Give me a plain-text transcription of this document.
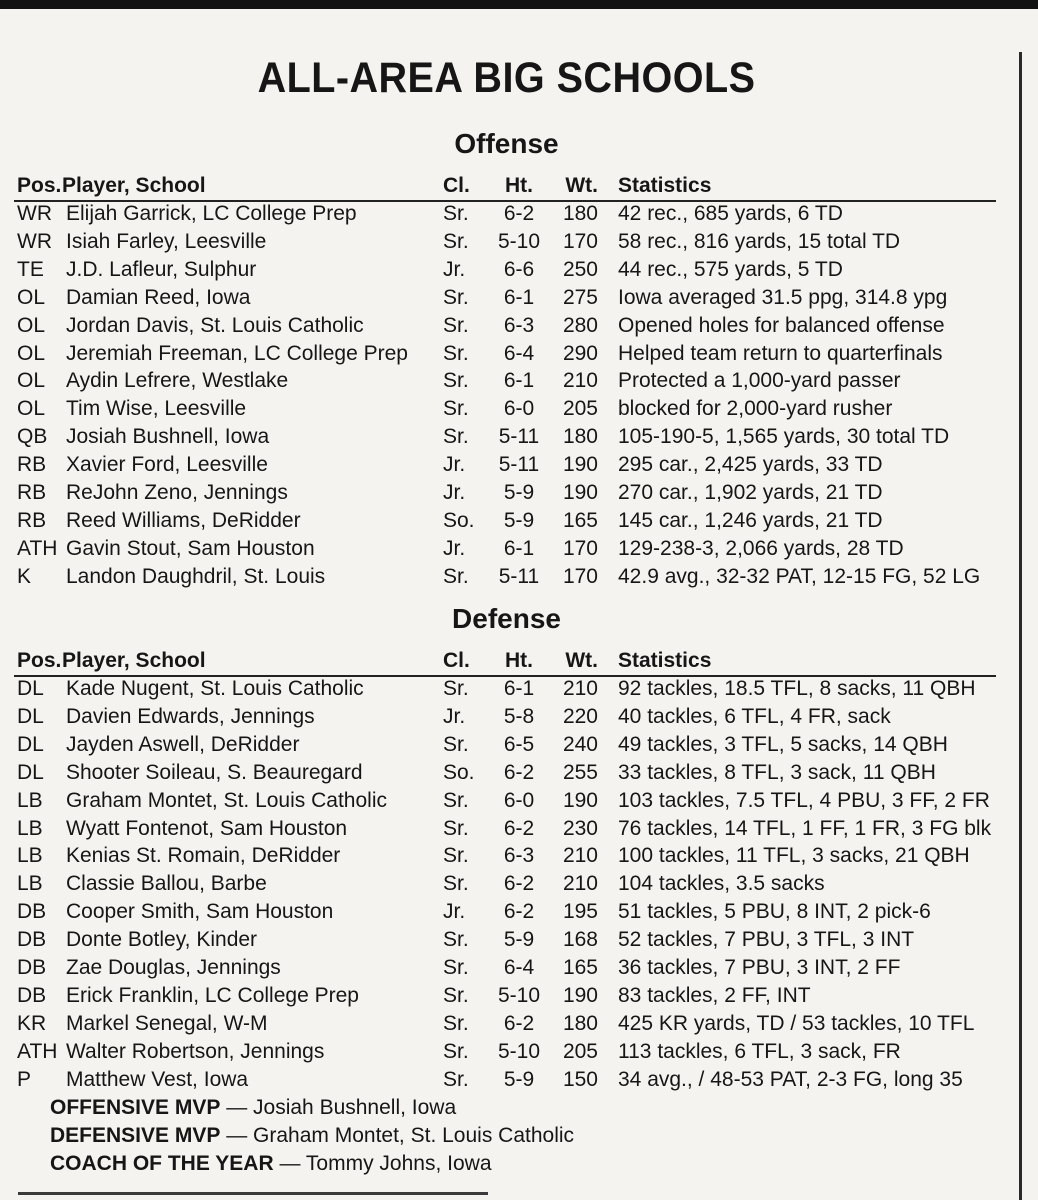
ALL-AREA BIG SCHOOLS
Offense
Pos. Player, School	Cl.	Ht.	Wt. Statistics
WR Elijah Garrick, LC College Prep	Sr.	6-2	180 42 rec., 685 yards, 6 TD
WR Isiah Farley, Leesville	Sr.	5-10	170 58 rec., 816 yards, 15 total TD
TE J.D. Lafleur, Sulphur	Jr.	6-6	250 44 rec., 575 yards, 5 TD
OL Damian Reed, Iowa	Sr.	6-1	275 Iowa averaged 31.5 ppg, 314.8 ypg
OL Jordan Davis, St. Louis Catholic	Sr.	6-3	280 Opened holes for balanced offense
OL Jeremiah Freeman, LC College Prep Sr.	6-4	290 Helped team return to quarterfinals
OL Aydin Lefrere, Westlake	Sr.	6-1	210 Protected a 1,000-yard passer
OL Tim Wise, Leesville	Sr.	6-0	205 blocked for 2,000-yard rusher
QB Josiah Bushnell, Iowa	Sr.	5-11	180 105-190-5, 1,565 yards, 30 total TD
RB Xavier Ford, Leesville	Jr.	5-11	190 295 car., 2,425 yards, 33 TD
RB ReJohn Zeno, Jennings	Jr.	5-9	190 270 car., 1,902 yards, 21 TD
RB Reed Williams, DeRidder	So.	5-9	165 145 car., 1,246 yards, 21 TD
ATH Gavin Stout, Sam Houston	Jr.	6-1	170 129-238-3, 2,066 yards, 28 TD
K Landon Daughdril, St. Louis	Sr.	5-11	170 42.9 avg., 32-32 PAT, 12-15 FG, 52 LG
Defense
Pos. Player, School	Cl.	Ht.	Wt. Statistics
DL Kade Nugent, St. Louis Catholic	Sr.	6-1	210 92 tackles, 18.5 TFL, 8 sacks, 11 QBH
DL Davien Edwards, Jennings	Jr.	5-8	220 40 tackles, 6 TFL, 4 FR, sack
DL Jayden Aswell, DeRidder	Sr.	6-5	240 49 tackles, 3 TFL, 5 sacks, 14 QBH
DL Shooter Soileau, S. Beauregard	So.	6-2	255 33 tackles, 8 TFL, 3 sack, 11 QBH
LB Graham Montet, St. Louis Catholic	Sr.	6-0	190 103 tackles, 7.5 TFL, 4 PBU, 3 FF, 2 FR
LB Wyatt Fontenot, Sam Houston	Sr.	6-2	230 76 tackles, 14 TFL, 1 FF, 1 FR, 3 FG blk
LB Kenias St. Romain, DeRidder	Sr.	6-3	210 100 tackles, 11 TFL, 3 sacks, 21 QBH
LB Classie Ballou, Barbe	Sr.	6-2	210 104 tackles, 3.5 sacks
DB Cooper Smith, Sam Houston	Jr.	6-2	195 51 tackles, 5 PBU, 8 INT, 2 pick-6
DB Donte Botley, Kinder	Sr.	5-9	168 52 tackles, 7 PBU, 3 TFL, 3 INT
DB Zae Douglas, Jennings	Sr.	6-4	165 36 tackles, 7 PBU, 3 INT, 2 FF
DB Erick Franklin, LC College Prep	Sr.	5-10	190 83 tackles, 2 FF, INT
KR Markel Senegal, W-M	Sr.	6-2	180 425 KR yards, TD / 53 tackles, 10 TFL
ATH Walter Robertson, Jennings	Sr.	5-10	205 113 tackles, 6 TFL, 3 sack, FR
P Matthew Vest, Iowa	Sr.	5-9	150 34 avg., / 48-53 PAT, 2-3 FG, long 35
OFFENSIVE MVP — Josiah Bushnell, Iowa
DEFENSIVE MVP — Graham Montet, St. Louis Catholic
COACH OF THE YEAR — Tommy Johns, Iowa
